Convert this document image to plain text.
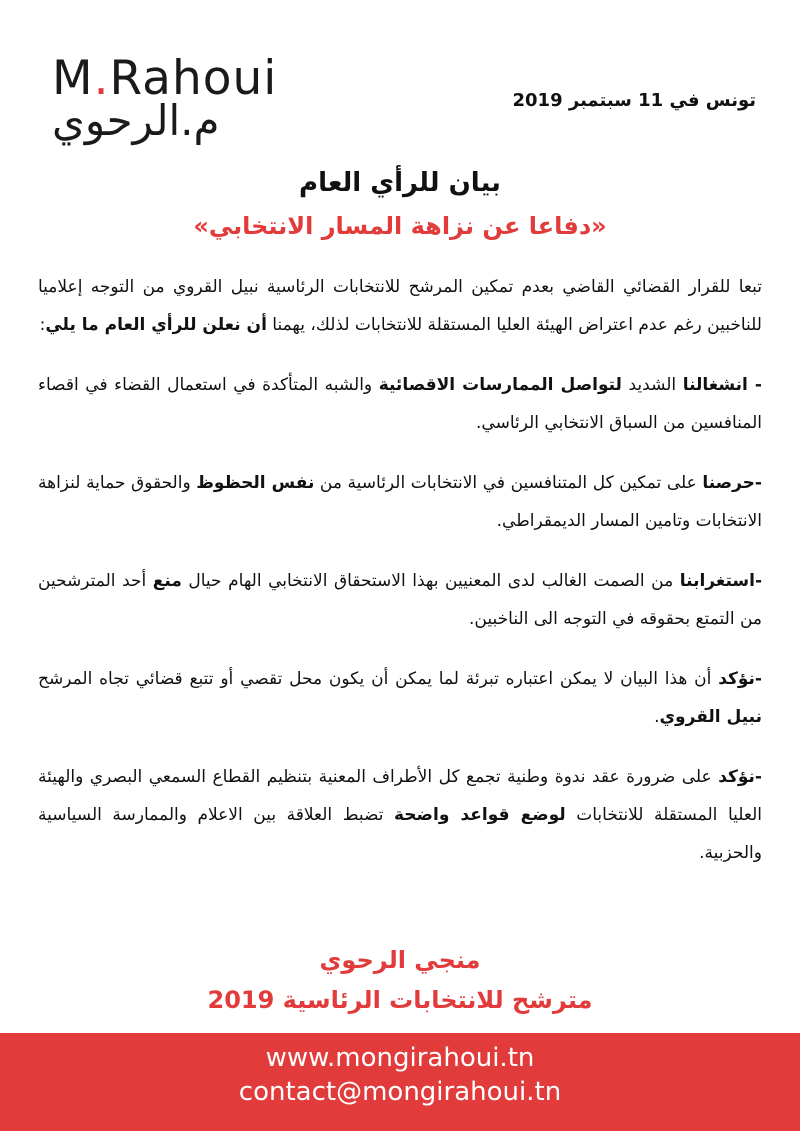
M.Rahoui
م.الرحوي	تونس في 11 سبتمبر 2019
بيان للرأي العام
«دفاعا عن نزاهة المسار الانتخابي»

تبعا للقرار القضائي القاضي بعدم تمكين المرشح للانتخابات الرئاسية نبيل القروي من التوجه إعلاميا للناخبين رغم عدم اعتراض الهيئة العليا المستقلة للانتخابات لذلك، يهمنا أن نعلن للرأي العام ما يلي:

- انشغالنا الشديد لتواصل الممارسات الاقصائية والشبه المتأكدة في استعمال القضاء في اقصاء المنافسين من السباق الانتخابي الرئاسي.

-حرصنا على تمكين كل المتنافسين في الانتخابات الرئاسية من نفس الحظوظ والحقوق حماية لنزاهة الانتخابات وتامين المسار الديمقراطي.

-استغرابنا من الصمت الغالب لدى المعنيين بهذا الاستحقاق الانتخابي الهام حيال منع أحد المترشحين من التمتع بحقوقه في التوجه الى الناخبين.

-نؤكد أن هذا البيان لا يمكن اعتباره تبرئة لما يمكن أن يكون محل تقصي أو تتبع قضائي تجاه المرشح نبيل القروي.

-نؤكد على ضرورة عقد ندوة وطنية تجمع كل الأطراف المعنية بتنظيم القطاع السمعي البصري والهيئة العليا المستقلة للانتخابات لوضع قواعد واضحة تضبط العلاقة بين الاعلام والممارسة السياسية والحزبية.

منجي الرحوي
مترشح للانتخابات الرئاسية 2019
www.mongirahoui.tn
contact@mongirahoui.tn
